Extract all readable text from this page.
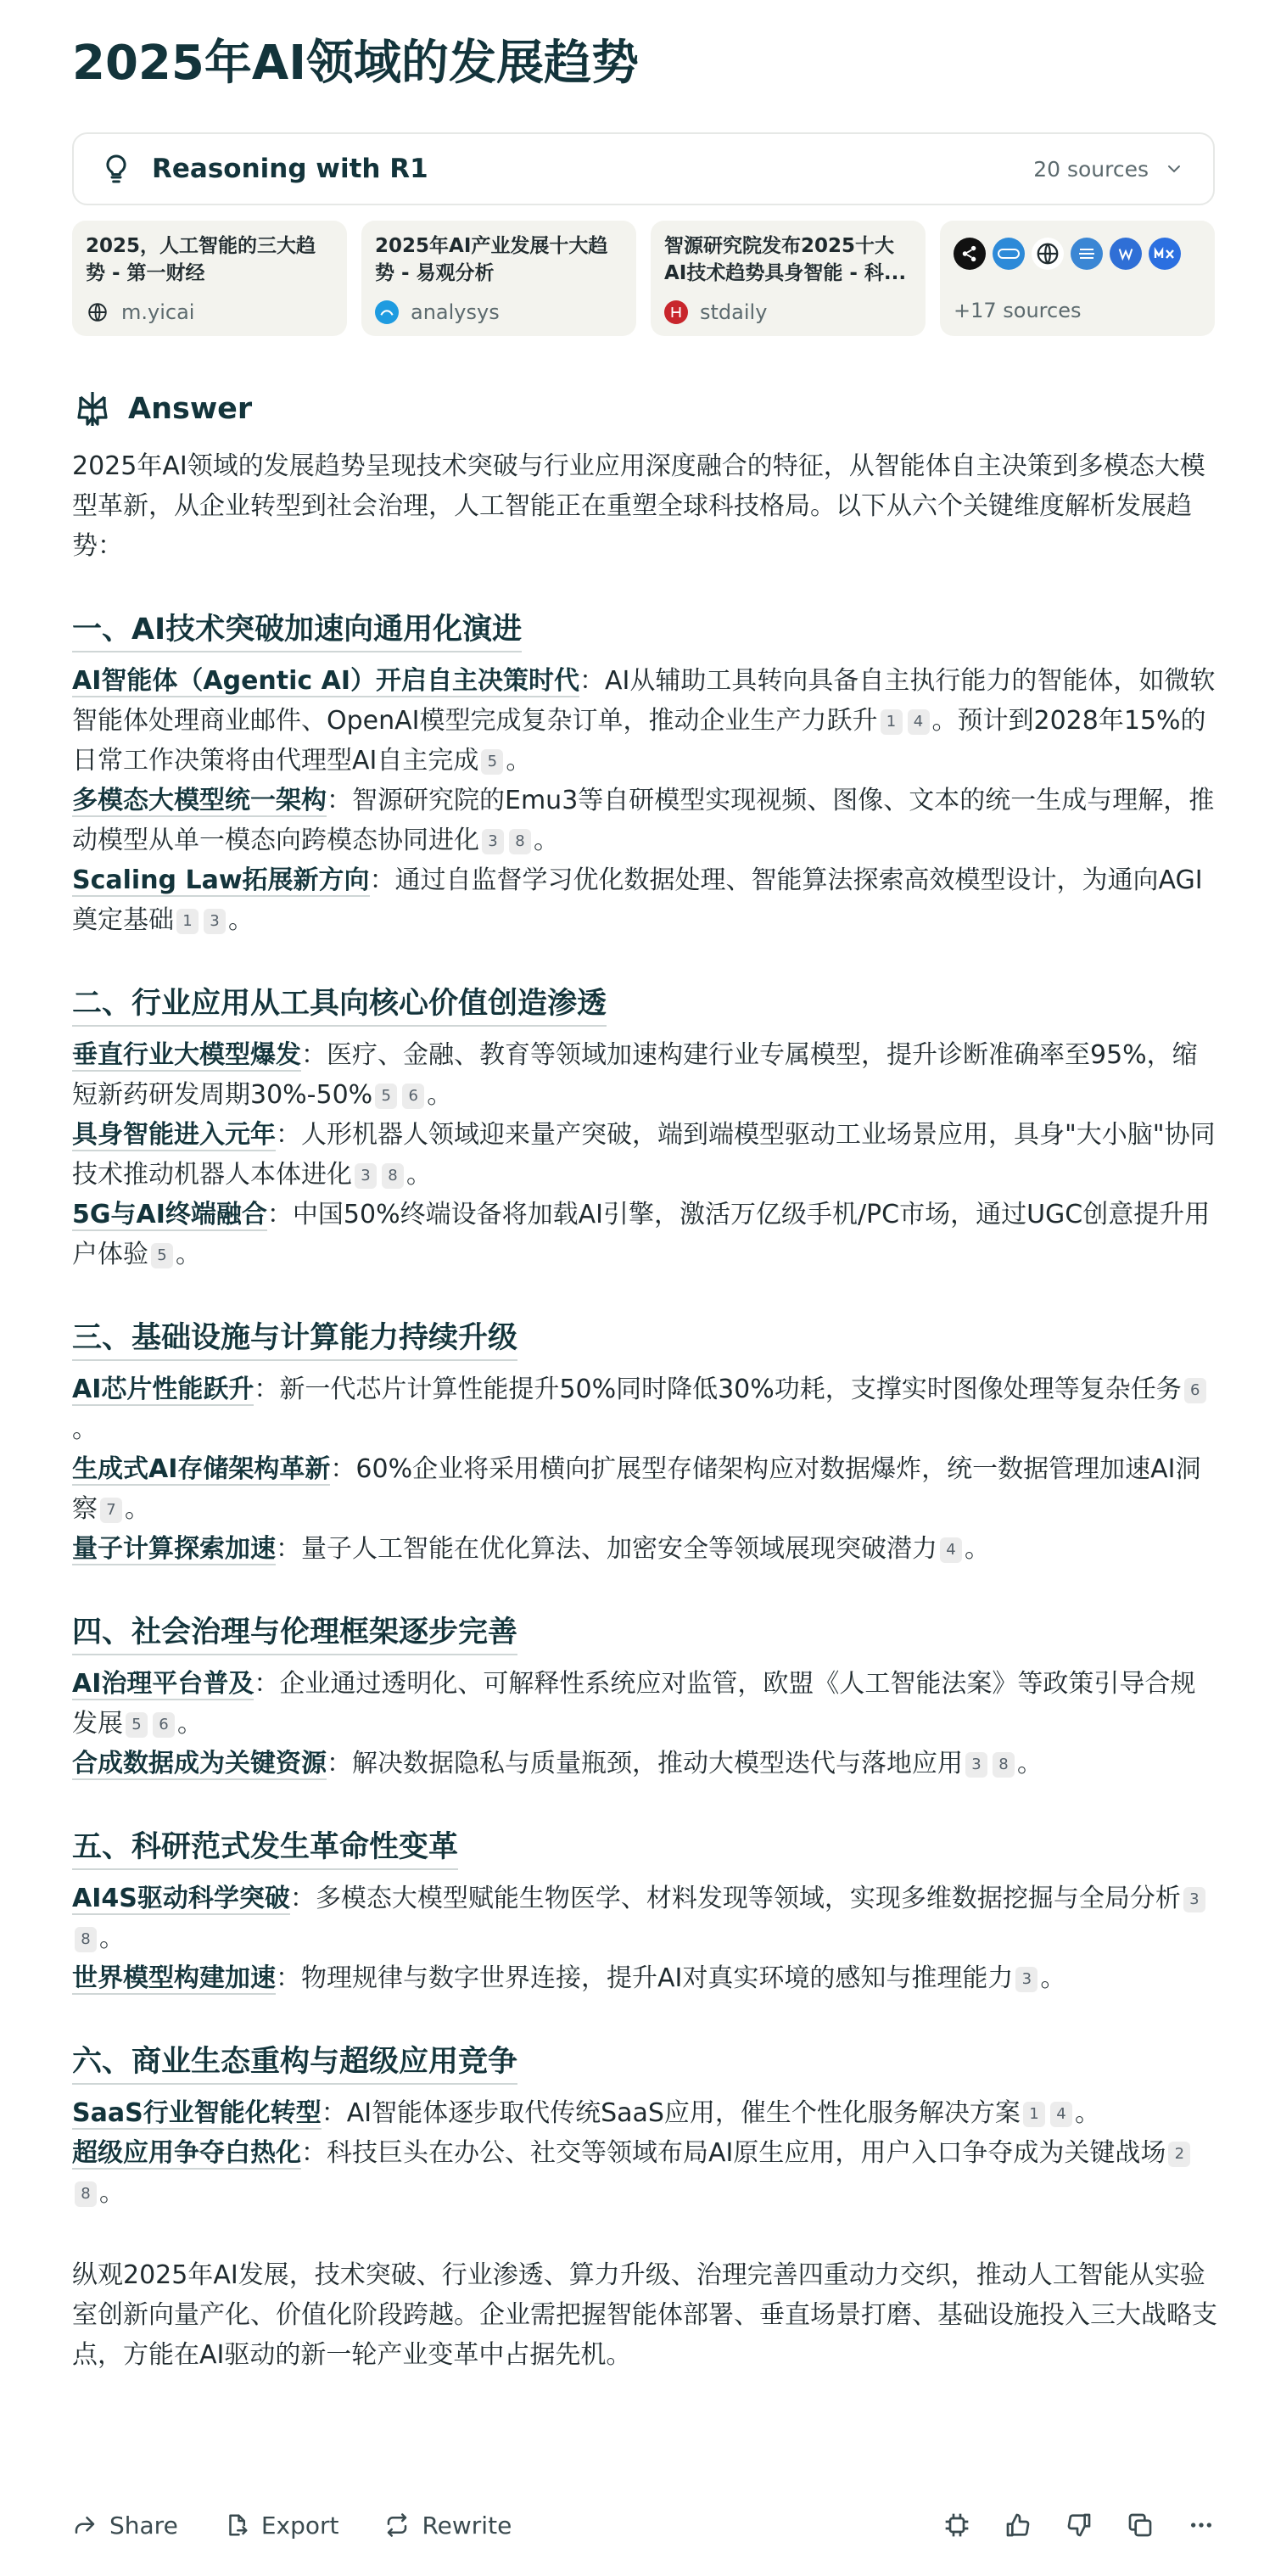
2025年AI领域的发展趋势
Reasoning with R1	20 sources
2025，人工智能的三大趋势 - 第一财经
m.yicai
2025年AI产业发展十大趋势 - 易观分析
analysys
智源研究院发布2025十大AI技术趋势具身智能 - 科...
stdaily	+17 sources
Answer

2025年AI领域的发展趋势呈现技术突破与行业应用深度融合的特征，从智能体自主决策到多模态大模型革新，从企业转型到社会治理，人工智能正在重塑全球科技格局。以下从六个关键维度解析发展趋势：

一、AI技术突破加速向通用化演进

AI智能体（Agentic AI）开启自主决策时代：AI从辅助工具转向具备自主执行能力的智能体，如微软智能体处理商业邮件、OpenAI模型完成复杂订单，推动企业生产力跃升 1 4 。预计到2028年15%的日常工作决策将由代理型AI自主完成 5 。

多模态大模型统一架构：智源研究院的Emu3等自研模型实现视频、图像、文本的统一生成与理解，推动模型从单一模态向跨模态协同进化 3 8 。

Scaling Law拓展新方向：通过自监督学习优化数据处理、智能算法探索高效模型设计，为通向AGI奠定基础 1 3 。

二、行业应用从工具向核心价值创造渗透

垂直行业大模型爆发：医疗、金融、教育等领域加速构建行业专属模型，提升诊断准确率至95%，缩短新药研发周期30%-50% 5 6 。

具身智能进入元年：人形机器人领域迎来量产突破，端到端模型驱动工业场景应用，具身"大小脑"协同技术推动机器人本体进化 3 8 。

5G与AI终端融合：中国50%终端设备将加载AI引擎，激活万亿级手机/PC市场，通过UGC创意提升用户体验 5 。

三、基础设施与计算能力持续升级

AI芯片性能跃升：新一代芯片计算性能提升50%同时降低30%功耗，支撑实时图像处理等复杂任务 6。

生成式AI存储架构革新：60%企业将采用横向扩展型存储架构应对数据爆炸，统一数据管理加速AI洞察 7 。

量子计算探索加速：量子人工智能在优化算法、加密安全等领域展现突破潜力 4 。

四、社会治理与伦理框架逐步完善

AI治理平台普及：企业通过透明化、可解释性系统应对监管，欧盟《人工智能法案》等政策引导合规发展 5 6 。

合成数据成为关键资源：解决数据隐私与质量瓶颈，推动大模型迭代与落地应用 3 8 。

五、科研范式发生革命性变革

AI4S驱动科学突破：多模态大模型赋能生物医学、材料发现等领域，实现多维数据挖掘与全局分析 38 。

世界模型构建加速：物理规律与数字世界连接，提升AI对真实环境的感知与推理能力 3 。

六、商业生态重构与超级应用竞争

SaaS行业智能化转型：AI智能体逐步取代传统SaaS应用，催生个性化服务解决方案 1 4 。

超级应用争夺白热化：科技巨头在办公、社交等领域布局AI原生应用，用户入口争夺成为关键战场 28 。

纵观2025年AI发展，技术突破、行业渗透、算力升级、治理完善四重动力交织，推动人工智能从实验室创新向量产化、价值化阶段跨越。企业需把握智能体部署、垂直场景打磨、基础设施投入三大战略支点，方能在AI驱动的新一轮产业变革中占据先机。

Share	Export	Rewrite
